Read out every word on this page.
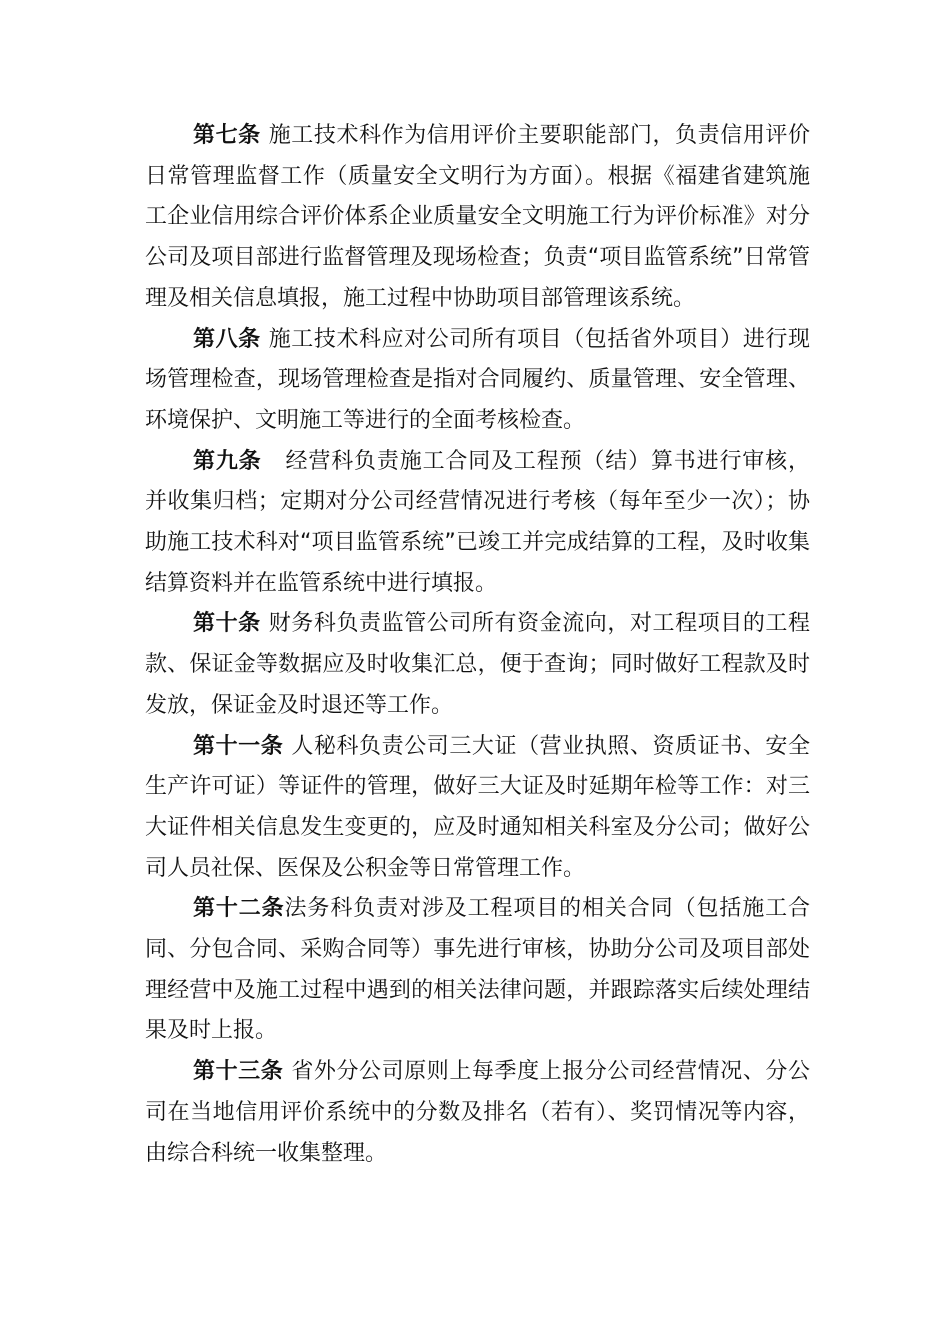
第七条 施工技术科作为信用评价主要职能部门，负责信用评价日常管理监督工作（质量安全文明行为方面）。根据《福建省建筑施工企业信用综合评价体系企业质量安全文明施工行为评价标准》对分公司及项目部进行监督管理及现场检查；负责“项目监管系统”日常管理及相关信息填报，施工过程中协助项目部管理该系统。

第八条 施工技术科应对公司所有项目（包括省外项目）进行现场管理检查，现场管理检查是指对合同履约、质量管理、安全管理、环境保护、文明施工等进行的全面考核检查。

第九条 经营科负责施工合同及工程预（结）算书进行审核，并收集归档；定期对分公司经营情况进行考核（每年至少一次）；协助施工技术科对“项目监管系统”已竣工并完成结算的工程，及时收集结算资料并在监管系统中进行填报。

第十条 财务科负责监管公司所有资金流向，对工程项目的工程款、保证金等数据应及时收集汇总，便于查询；同时做好工程款及时发放，保证金及时退还等工作。

第十一条 人秘科负责公司三大证（营业执照、资质证书、安全生产许可证）等证件的管理，做好三大证及时延期年检等工作：对三大证件相关信息发生变更的，应及时通知相关科室及分公司；做好公司人员社保、医保及公积金等日常管理工作。

第十二条法务科负责对涉及工程项目的相关合同（包括施工合同、分包合同、采购合同等）事先进行审核，协助分公司及项目部处理经营中及施工过程中遇到的相关法律问题，并跟踪落实后续处理结果及时上报。

第十三条 省外分公司原则上每季度上报分公司经营情况、分公司在当地信用评价系统中的分数及排名（若有）、奖罚情况等内容，由综合科统一收集整理。
